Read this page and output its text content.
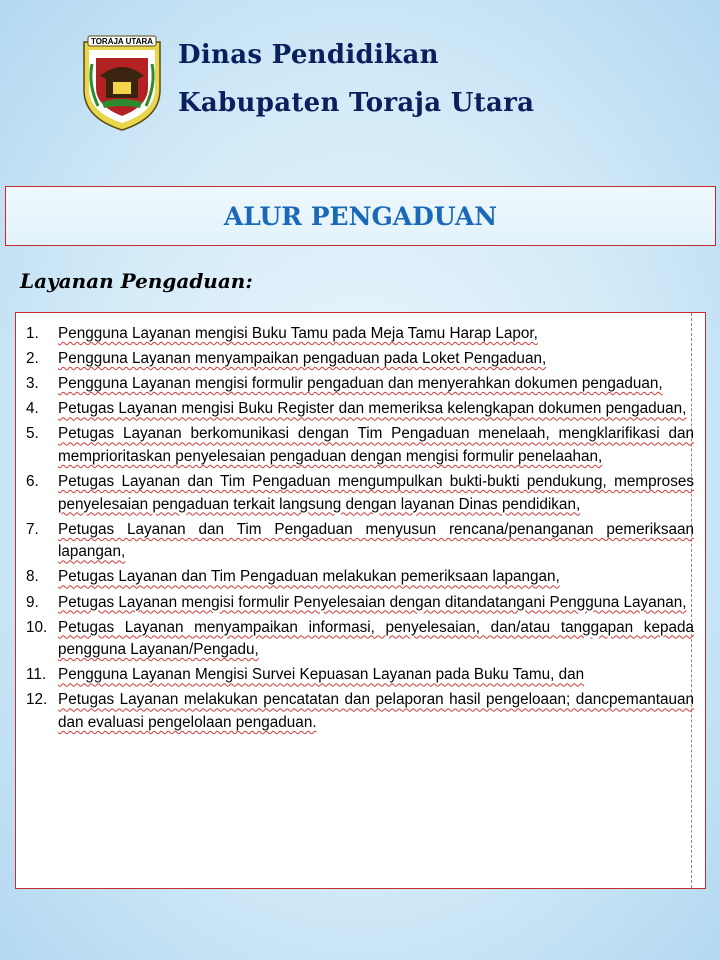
TORAJA UTARA Dinas Pendidikan
Kabupaten Toraja Utara
ALUR PENGADUAN
Layanan Pengaduan:
1.	Pengguna Layanan mengisi Buku Tamu pada Meja Tamu Harap Lapor,
2.	Pengguna Layanan menyampaikan pengaduan pada Loket Pengaduan,
3.	Pengguna Layanan mengisi formulir pengaduan dan menyerahkan dokumen pengaduan,
4.	Petugas Layanan mengisi Buku Register dan memeriksa kelengkapan dokumen pengaduan,
5.	Petugas Layanan berkomunikasi dengan Tim Pengaduan menelaah, mengklarifikasi dan memprioritaskan penyelesaian pengaduan dengan mengisi formulir penelaahan,
6.	Petugas Layanan dan Tim Pengaduan mengumpulkan bukti-bukti pendukung, memproses penyelesaian pengaduan terkait langsung dengan layanan Dinas pendidikan,
7.	Petugas Layanan dan Tim Pengaduan menyusun rencana/penanganan pemeriksaan lapangan,
8.	Petugas Layanan dan Tim Pengaduan melakukan pemeriksaan lapangan,
9.	Petugas Layanan mengisi formulir Penyelesaian dengan ditandatangani Pengguna Layanan,
10. Petugas Layanan menyampaikan informasi, penyelesaian, dan/atau tanggapan kepada pengguna Layanan/Pengadu,
11. Pengguna Layanan Mengisi Survei Kepuasan Layanan pada Buku Tamu, dan
12. Petugas Layanan melakukan pencatatan dan pelaporan hasil pengeloaan; dancpemantauan dan evaluasi pengelolaan pengaduan.
